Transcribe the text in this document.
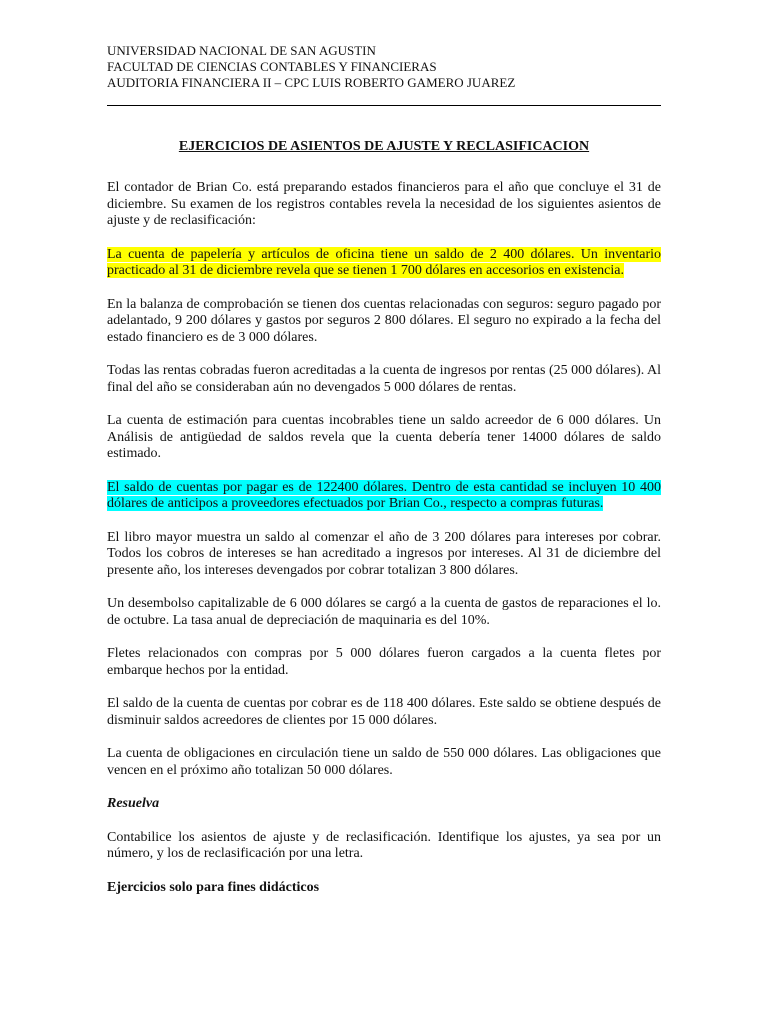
UNIVERSIDAD NACIONAL DE SAN AGUSTIN
FACULTAD DE CIENCIAS CONTABLES Y FINANCIERAS
AUDITORIA FINANCIERA II – CPC LUIS ROBERTO GAMERO JUAREZ
EJERCICIOS DE ASIENTOS DE AJUSTE Y RECLASIFICACION

El contador de Brian Co. está preparando estados financieros para el año que concluye el 31 de diciembre. Su examen de los registros contables revela la necesidad de los siguientes asientos de ajuste y de reclasificación:

La cuenta de papelería y artículos de oficina tiene un saldo de 2 400 dólares. Un inventario practicado al 31 de diciembre revela que se tienen 1 700 dólares en accesorios en existencia.

En la balanza de comprobación se tienen dos cuentas relacionadas con seguros: seguro pagado por adelantado, 9 200 dólares y gastos por seguros 2 800 dólares. El seguro no expirado a la fecha del estado financiero es de 3 000 dólares.

Todas las rentas cobradas fueron acreditadas a la cuenta de ingresos por rentas (25 000 dólares). Al final del año se consideraban aún no devengados 5 000 dólares de rentas.

La cuenta de estimación para cuentas incobrables tiene un saldo acreedor de 6 000 dólares. Un Análisis de antigüedad de saldos revela que la cuenta debería tener 14000 dólares de saldo estimado.

El saldo de cuentas por pagar es de 122400 dólares. Dentro de esta cantidad se incluyen 10 400 dólares de anticipos a proveedores efectuados por Brian Co., respecto a compras futuras.

El libro mayor muestra un saldo al comenzar el año de 3 200 dólares para intereses por cobrar. Todos los cobros de intereses se han acreditado a ingresos por intereses. Al 31 de diciembre del presente año, los intereses devengados por cobrar totalizan 3 800 dólares.

Un desembolso capitalizable de 6 000 dólares se cargó a la cuenta de gastos de reparaciones el lo. de octubre. La tasa anual de depreciación de maquinaria es del 10%.

Fletes relacionados con compras por 5 000 dólares fueron cargados a la cuenta fletes por embarque hechos por la entidad.

El saldo de la cuenta de cuentas por cobrar es de 118 400 dólares. Este saldo se obtiene después de disminuir saldos acreedores de clientes por 15 000 dólares.

La cuenta de obligaciones en circulación tiene un saldo de 550 000 dólares. Las obligaciones que vencen en el próximo año totalizan 50 000 dólares.

Resuelva

Contabilice los asientos de ajuste y de reclasificación. Identifique los ajustes, ya sea por un número, y los de reclasificación por una letra.

Ejercicios solo para fines didácticos
